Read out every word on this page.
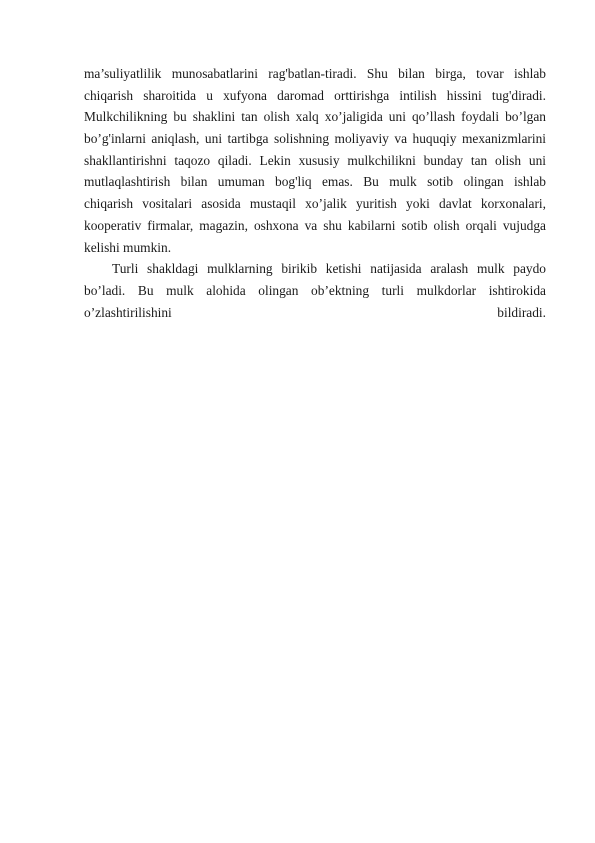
ma’suliyatlilik munosabatlarini rag'batlan-tiradi. Shu bilan birga, tovar ishlab
chiqarish sharoitida u xufyona daromad orttirishga intilish hissini tug'diradi.
Mulkchilikning bu shaklini tan olish xalq xo’jaligida uni qo’llash foydali bo’lgan
bo’g'inlarni aniqlash, uni tartibga solishning moliyaviy va huquqiy mexanizmlarini
shakllantirishni taqozo qiladi. Lekin xususiy mulkchilikni bunday tan olish uni
mutlaqlashtirish bilan umuman bog'liq emas. Bu mulk sotib olingan ishlab
chiqarish vositalari asosida mustaqil xo’jalik yuritish yoki davlat korxonalari,
kooperativ firmalar, magazin, oshxona va shu kabilarni sotib olish orqali vujudga
kelishi mumkin.
Turli shakldagi mulklarning birikib ketishi natijasida aralash mulk paydo
bo’ladi. Bu mulk alohida olingan ob’ektning turli mulkdorlar ishtirokida
o’zlashtirilishini bildiradi.
